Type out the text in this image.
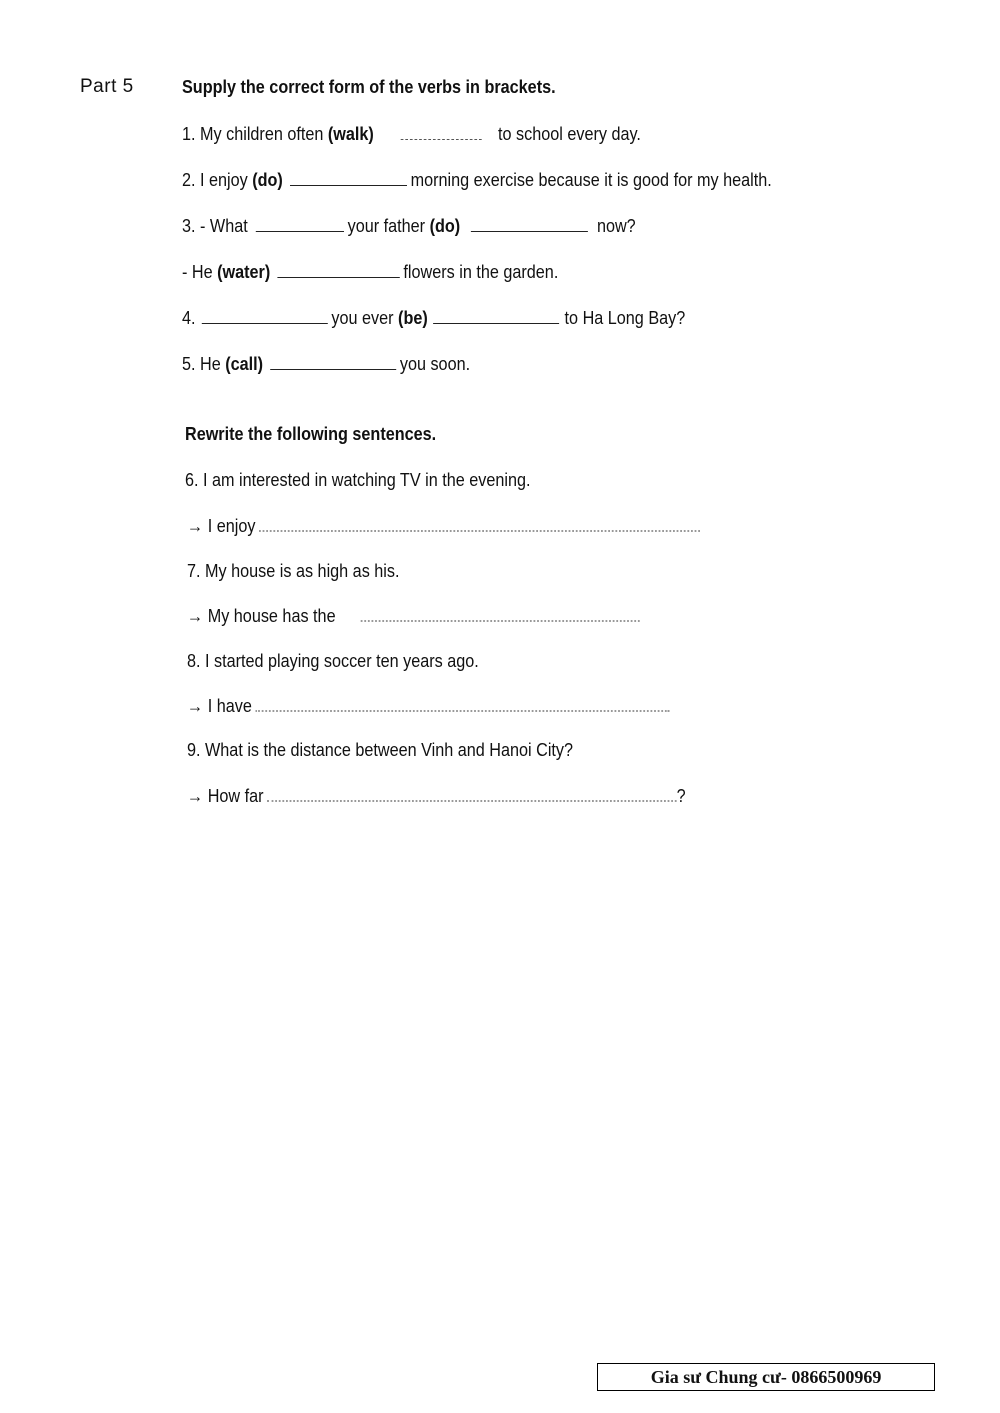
Part 5	Supply the correct form of the verbs in brackets.
1. My children often (walk)	to school every day.
2. I enjoy (do)	morning exercise because it is good for my health.
3. - What	your father (do)	now?
- He (water)	flowers in the garden.
4.	you ever (be)	to Ha Long Bay?
5. He (call)	you soon.
Rewrite the following sentences.
6. I am interested in watching TV in the evening.
→ I enjoy
7. My house is as high as his.
→ My house has the
8. I started playing soccer ten years ago.
→ I have
9. What is the distance between Vinh and Hanoi City?
→ How far	?
Gia sư Chung cư- 0866500969
